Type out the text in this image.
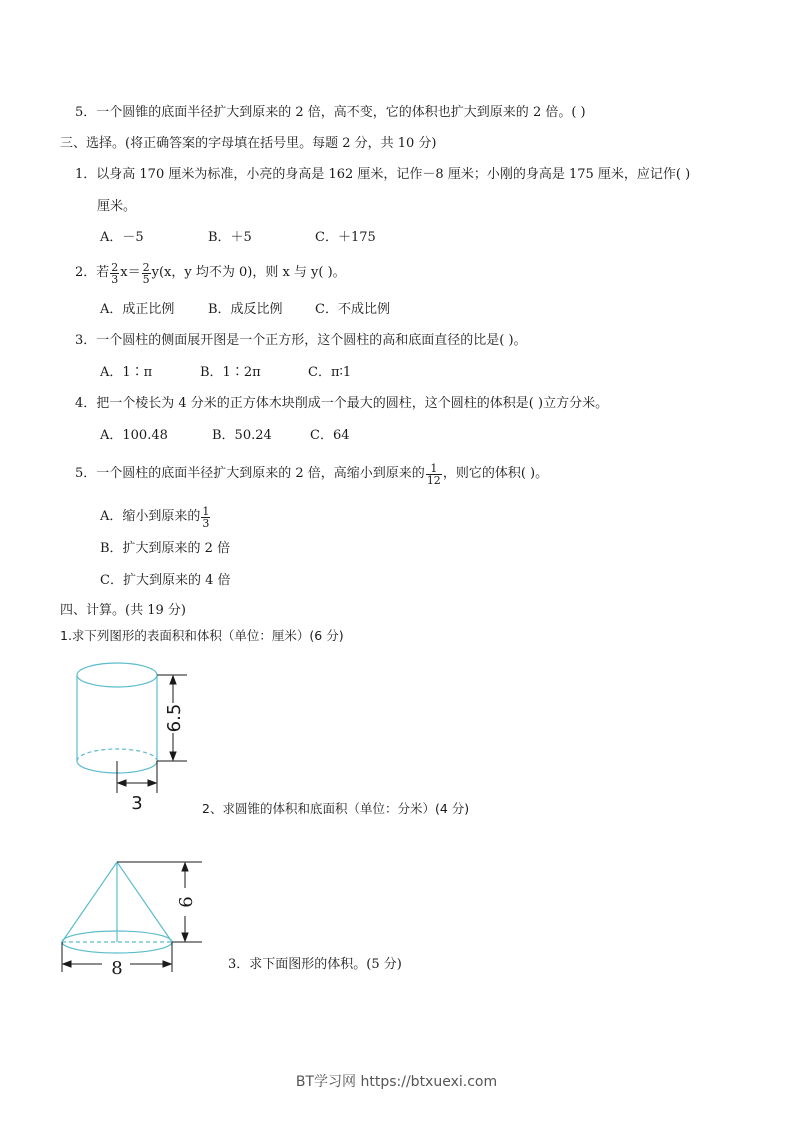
5．一个圆锥的底面半径扩大到原来的 2 倍，高不变，它的体积也扩大到原来的 2 倍。( )
三、选择。(将正确答案的字母填在括号里。每题 2 分，共 10 分)
1．以身高 170 厘米为标准，小亮的身高是 162 厘米，记作－8 厘米；小刚的身高是 175 厘米，应记作( )
厘米。
A．－5	B．＋5	C．＋175
2．若 $\frac{2}{3} x= \frac{2}{5} y(x$，y 均不为 0)，则 x 与 y( )。
A．成正比例	B．成反比例 C．不成比例
3．一个圆柱的侧面展开图是一个正方形，这个圆柱的高和底面直径的比是( )。
A．1∶π	B．1∶2π	C．π∶1
4．把一个棱长为 4 分米的正方体木块削成一个最大的圆柱，这个圆柱的体积是( )立方分米。
A．100.48	B．50.24	C．64
5．一个圆柱的底面半径扩大到原来的 2 倍，高缩小到原来的 $\frac{1}{12}$ ，则它的体积( )。
A．缩小到原来的 $\frac{1}{3}$
B．扩大到原来的 2 倍
C．扩大到原来的 4 倍
四、计算。(共 19 分)
1.求下列图形的表面积和体积（单位：厘米）(6 分)
6.5
3	2、求圆锥的体积和底面积（单位：分米）(4 分)
6
8	3．求下面图形的体积。(5 分)
BT学习网 https://btxuexi.com
